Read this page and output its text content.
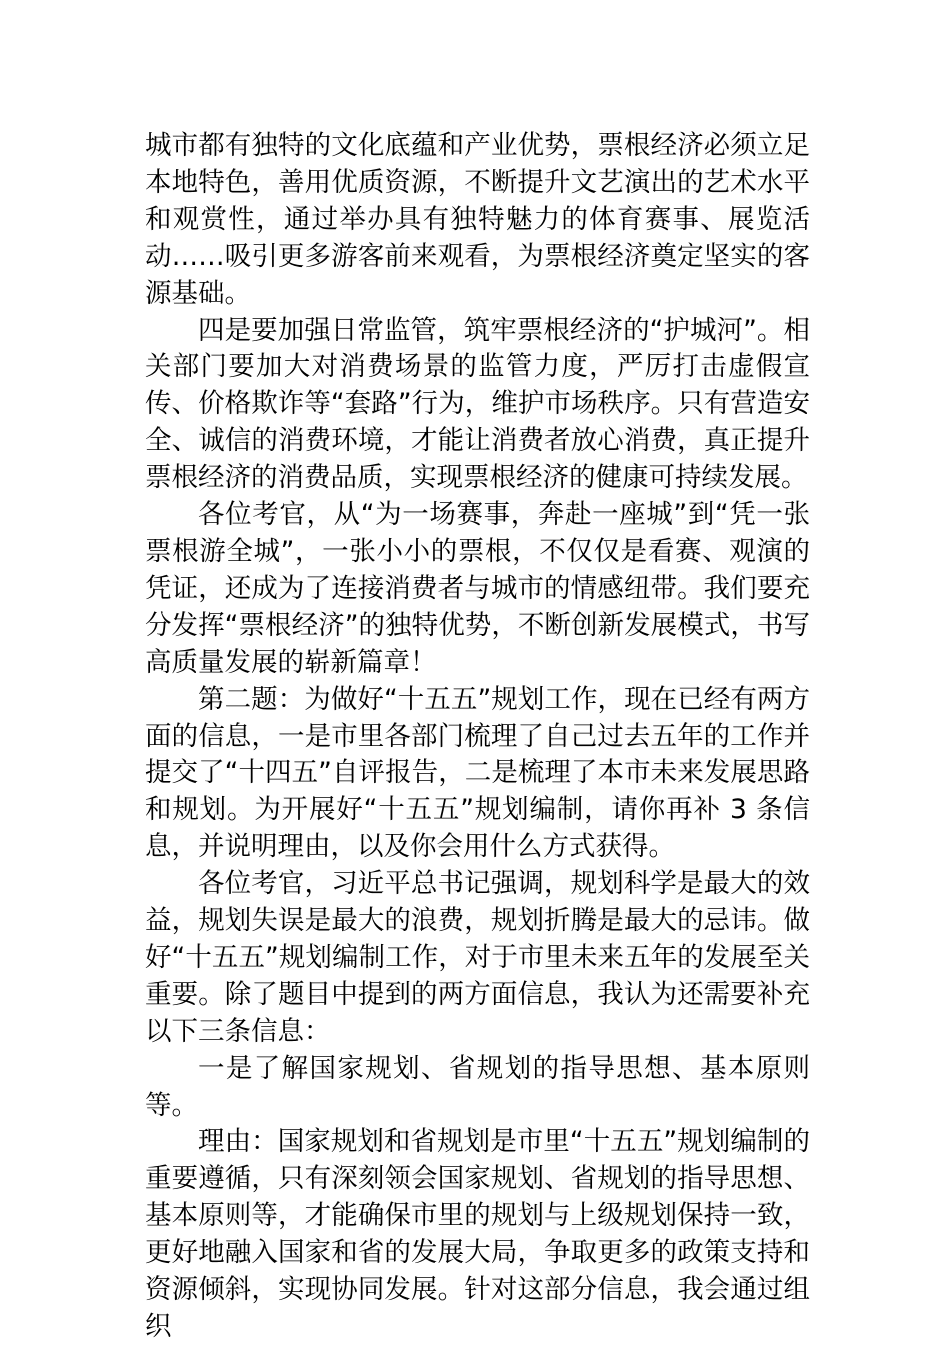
城市都有独特的文化底蕴和产业优势，票根经济必须立足本地特色，善用优质资源，不断提升文艺演出的艺术水平和观赏性，通过举办具有独特魅力的体育赛事、展览活动……吸引更多游客前来观看，为票根经济奠定坚实的客源基础。

四是要加强日常监管，筑牢票根经济的“护城河”。相关部门要加大对消费场景的监管力度，严厉打击虚假宣传、价格欺诈等“套路”行为，维护市场秩序。只有营造安全、诚信的消费环境，才能让消费者放心消费，真正提升票根经济的消费品质，实现票根经济的健康可持续发展。

各位考官，从“为一场赛事，奔赴一座城”到“凭一张票根游全城”，一张小小的票根，不仅仅是看赛、观演的凭证，还成为了连接消费者与城市的情感纽带。我们要充分发挥“票根经济”的独特优势，不断创新发展模式，书写高质量发展的崭新篇章！

第二题：为做好“十五五”规划工作，现在已经有两方面的信息，一是市里各部门梳理了自己过去五年的工作并提交了“十四五”自评报告，二是梳理了本市未来发展思路和规划。为开展好“十五五”规划编制，请你再补 3 条信息，并说明理由，以及你会用什么方式获得。

各位考官，习近平总书记强调，规划科学是最大的效益，规划失误是最大的浪费，规划折腾是最大的忌讳。做好“十五五”规划编制工作，对于市里未来五年的发展至关重要。除了题目中提到的两方面信息，我认为还需要补充以下三条信息：

一是了解国家规划、省规划的指导思想、基本原则等。

理由：国家规划和省规划是市里“十五五”规划编制的重要遵循，只有深刻领会国家规划、省规划的指导思想、基本原则等，才能确保市里的规划与上级规划保持一致，更好地融入国家和省的发展大局，争取更多的政策支持和资源倾斜，实现协同发展。针对这部分信息，我会通过组织
